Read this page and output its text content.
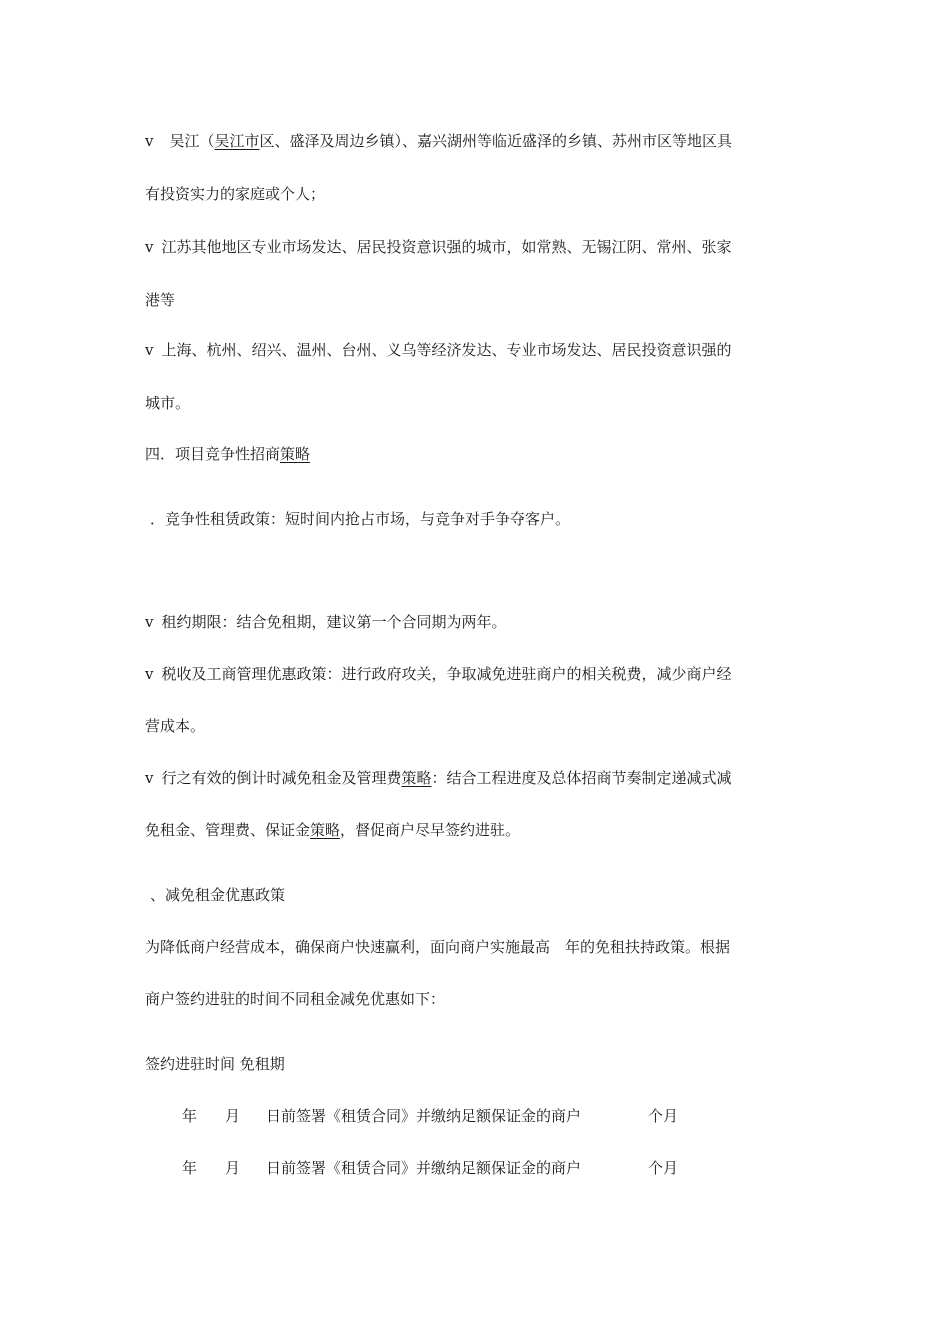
v 吴江（吴江市区、盛泽及周边乡镇）、嘉兴湖州等临近盛泽的乡镇、苏州市区等地区具

有投资实力的家庭或个人；

v 江苏其他地区专业市场发达、居民投资意识强的城市，如常熟、无锡江阴、常州、张家

港等

v 上海、杭州、绍兴、温州、台州、义乌等经济发达、专业市场发达、居民投资意识强的

城市。

四．项目竞争性招商策略

．竞争性租赁政策：短时间内抢占市场，与竞争对手争夺客户。

v 租约期限：结合免租期，建议第一个合同期为两年。

v 税收及工商管理优惠政策：进行政府攻关，争取减免进驻商户的相关税费，减少商户经

营成本。

v 行之有效的倒计时减免租金及管理费策略：结合工程进度及总体招商节奏制定递减式减

免租金、管理费、保证金策略，督促商户尽早签约进驻。

、减免租金优惠政策

为降低商户经营成本，确保商户快速赢利，面向商户实施最高　年的免租扶持政策。根据

商户签约进驻的时间不同租金减免优惠如下：

签约进驻时间 免租期

年 月 日前签署《租赁合同》并缴纳足额保证金的商户	个月
年 月 日前签署《租赁合同》并缴纳足额保证金的商户	个月
